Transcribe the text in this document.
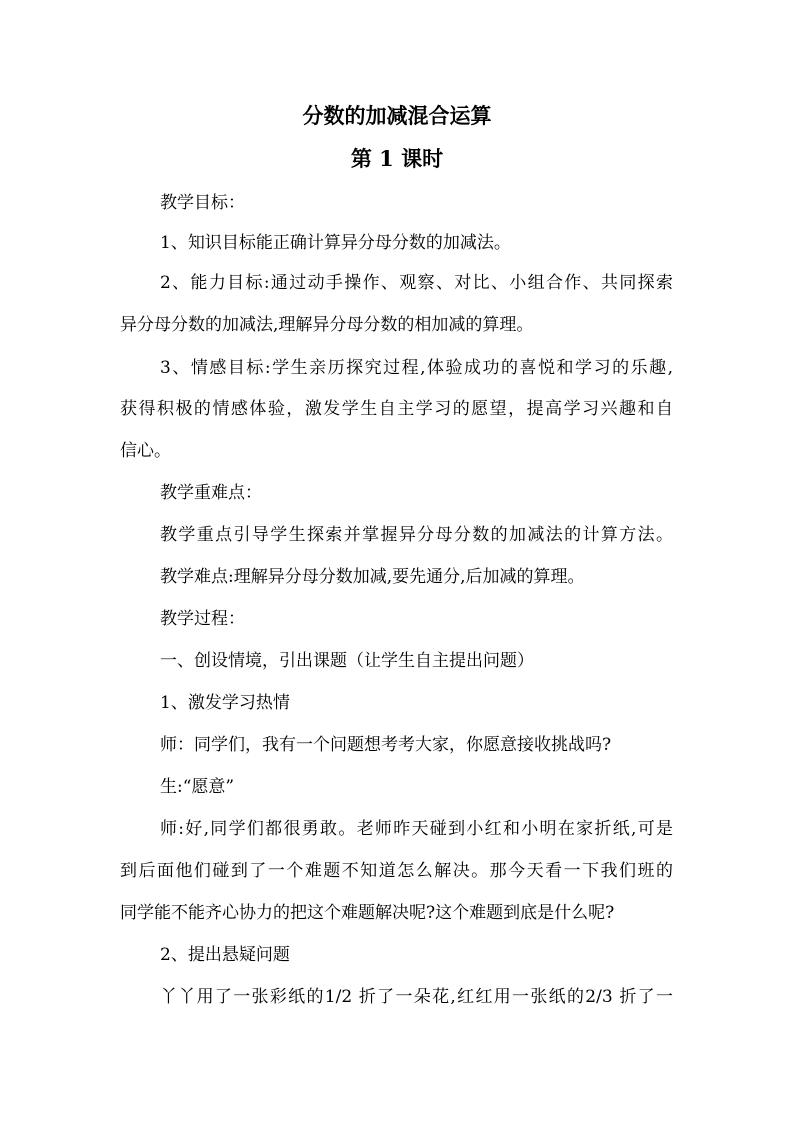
分数的加减混合运算
第 1 课时
教学目标：
1、知识目标能正确计算异分母分数的加减法。
2、能力目标:通过动手操作、观察、对比、小组合作、共同探索
异分母分数的加减法,理解异分母分数的相加减的算理。
3、情感目标:学生亲历探究过程,体验成功的喜悦和学习的乐趣,
获得积极的情感体验，激发学生自主学习的愿望，提高学习兴趣和自
信心。
教学重难点：
教学重点引导学生探索并掌握异分母分数的加减法的计算方法。
教学难点:理解异分母分数加减,要先通分,后加减的算理。
教学过程：
一、创设情境，引出课题（让学生自主提出问题）
1、激发学习热情
师：同学们，我有一个问题想考考大家，你愿意接收挑战吗?
生:“愿意”
师:好,同学们都很勇敢。老师昨天碰到小红和小明在家折纸,可是
到后面他们碰到了一个难题不知道怎么解决。那今天看一下我们班的
同学能不能齐心协力的把这个难题解决呢?这个难题到底是什么呢?
2、提出悬疑问题
丫丫用了一张彩纸的1/2 折了一朵花,红红用一张纸的2/3 折了一
